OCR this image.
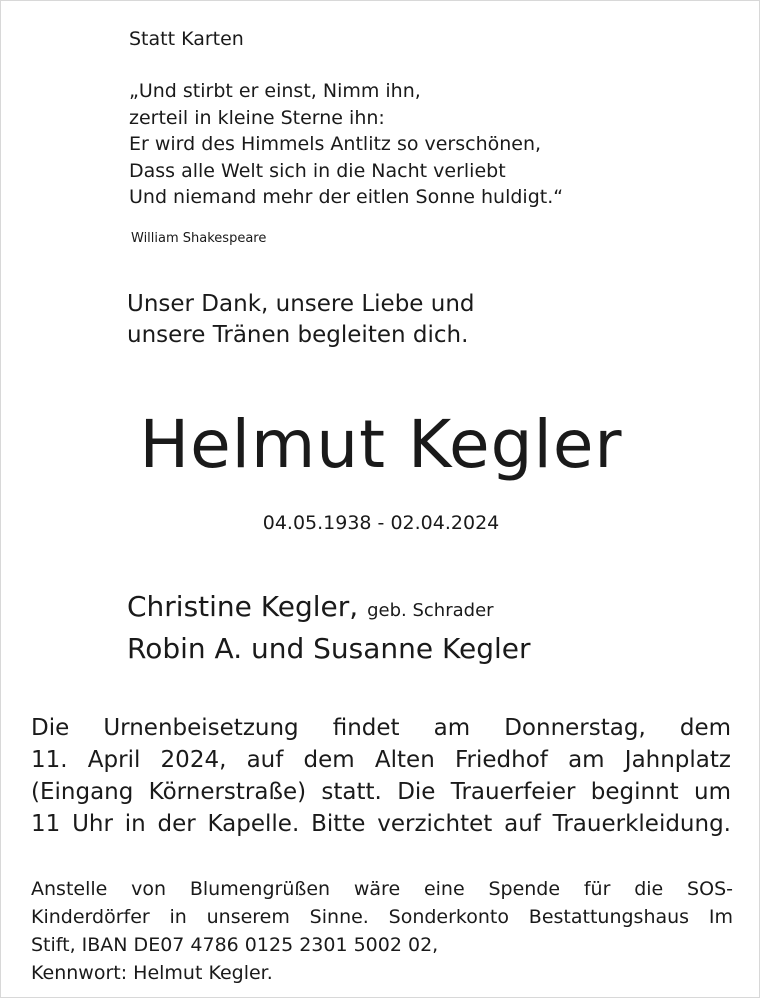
Statt Karten
„Und stirbt er einst, Nimm ihn,
zerteil in kleine Sterne ihn:
Er wird des Himmels Antlitz so verschönen,
Dass alle Welt sich in die Nacht verliebt
Und niemand mehr der eitlen Sonne huldigt.“
William Shakespeare
Unser Dank, unsere Liebe und
unsere Tränen begleiten dich.
Helmut Kegler
04.05.1938 - 02.04.2024
Christine Kegler, geb. Schrader
Robin A. und Susanne Kegler
Die Urnenbeisetzung findet am Donnerstag, dem
11. April 2024, auf dem Alten Friedhof am Jahnplatz
(Eingang Körnerstraße) statt. Die Trauerfeier beginnt um
11 Uhr in der Kapelle. Bitte verzichtet auf Trauerkleidung.
Anstelle von Blumengrüßen wäre eine Spende für die SOS-
Kinderdörfer in unserem Sinne. Sonderkonto Bestattungshaus Im
Stift, IBAN DE07 4786 0125 2301 5002 02,
Kennwort: Helmut Kegler.
